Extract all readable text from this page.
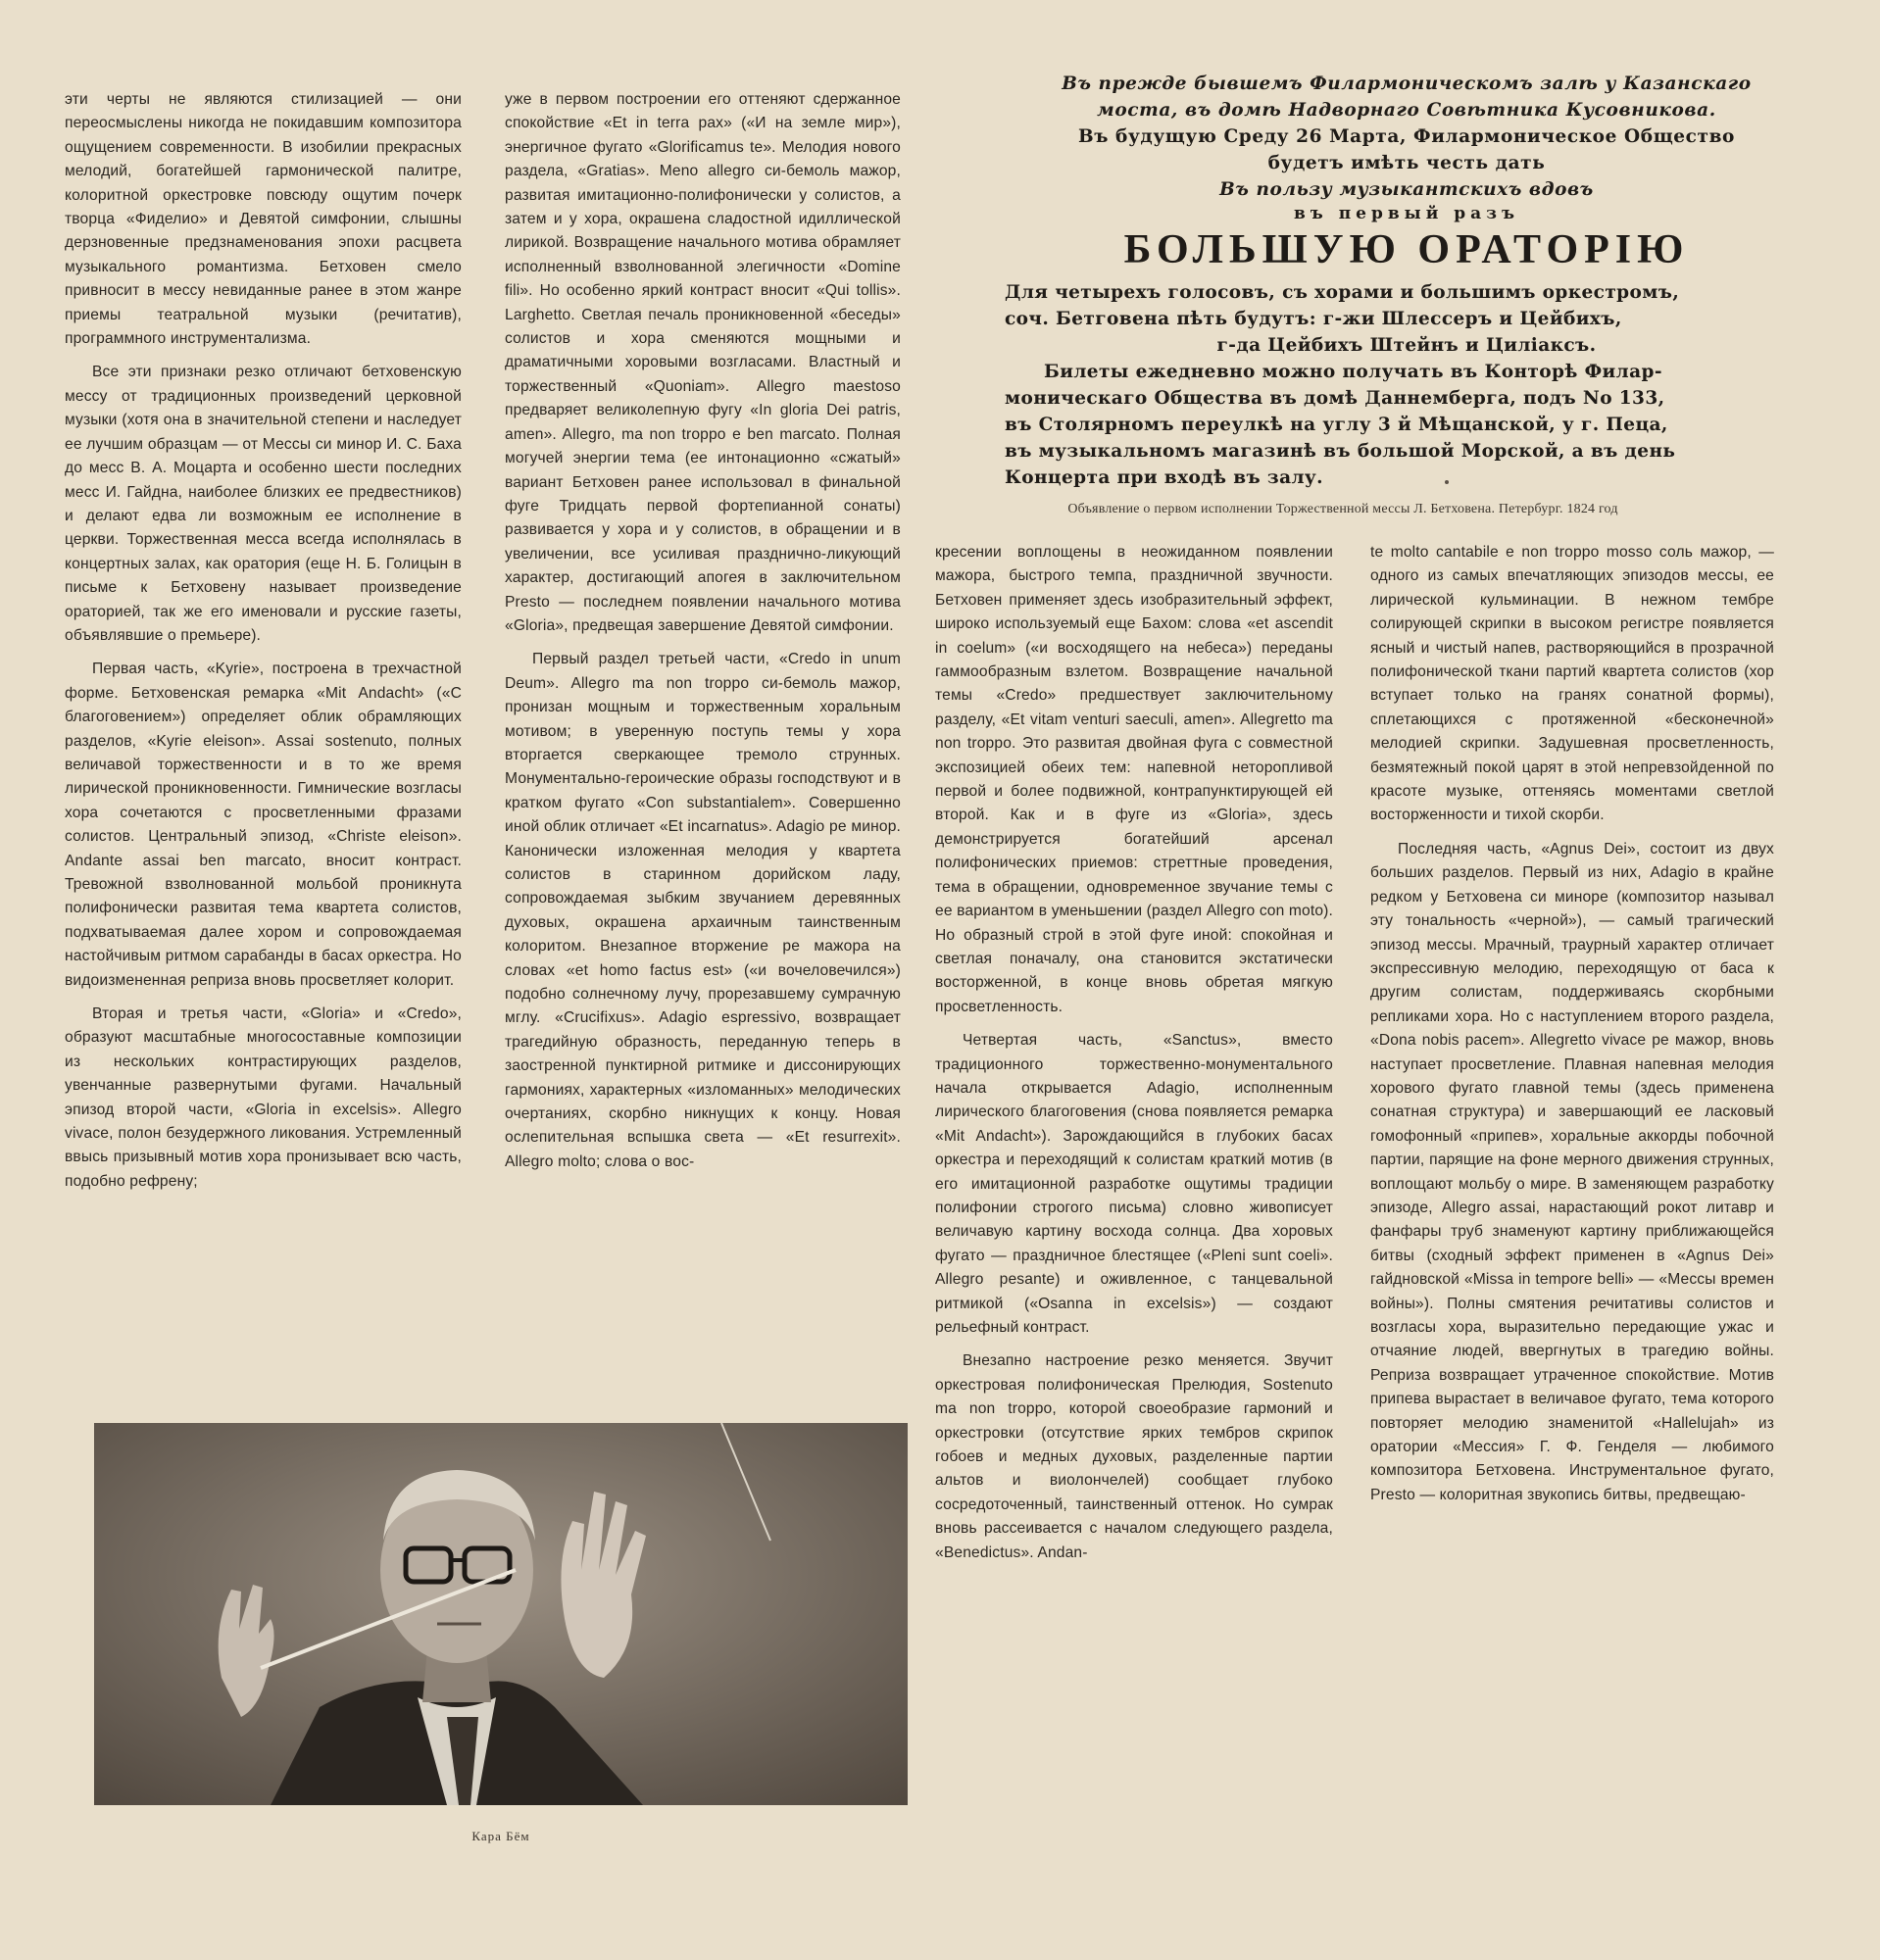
эти черты не являются стилизацией — они переосмыслены никогда не покидавшим композитора ощущением современности. В изобилии прекрасных мелодий, богатейшей гармонической палитре, колоритной оркестровке повсюду ощутим почерк творца «Фиделио» и Девятой симфонии, слышны дерзновенные предзнаменования эпохи расцвета музыкального романтизма. Бетховен смело привносит в мессу невиданные ранее в этом жанре приемы театральной музыки (речитатив), программного инструментализма.

Все эти признаки резко отличают бетховенскую мессу от традиционных произведений церковной музыки (хотя она в значительной степени и наследует ее лучшим образцам — от Мессы си минор И. С. Баха до месс В. А. Моцарта и особенно шести последних месс И. Гайдна, наиболее близких ее предвестников) и делают едва ли возможным ее исполнение в церкви. Торжественная месса всегда исполнялась в концертных залах, как оратория (еще Н. Б. Голицын в письме к Бетховену называет произведение ораторией, так же его именовали и русские газеты, объявлявшие о премьере).

Первая часть, «Kyrie», построена в трехчастной форме. Бетховенская ремарка «Mit Andacht» («С благоговением») определяет облик обрамляющих разделов, «Kyrie eleison». Assai sostenuto, полных величавой торжественности и в то же время лирической проникновенности. Гимнические возгласы хора сочетаются с просветленными фразами солистов. Центральный эпизод, «Christe eleison». Andante assai ben marcato, вносит контраст. Тревожной взволнованной мольбой проникнута полифонически развитая тема квартета солистов, подхватываемая далее хором и сопровождаемая настойчивым ритмом сарабанды в басах оркестра. Но видоизмененная реприза вновь просветляет колорит.

Вторая и третья части, «Gloria» и «Credo», образуют масштабные многосоставные композиции из нескольких контрастирующих разделов, увенчанные развернутыми фугами. Начальный эпизод второй части, «Gloria in excelsis». Allegro vivace, полон безудержного ликования. Устремленный ввысь призывный мотив хора пронизывает всю часть, подобно рефрену;

уже в первом построении его оттеняют сдержанное спокойствие «Et in terra pax» («И на земле мир»), энергичное фугато «Glorificamus te». Мелодия нового раздела, «Gratias». Meno allegro си-бемоль мажор, развитая имитационно-полифонически у солистов, а затем и у хора, окрашена сладостной идиллической лирикой. Возвращение начального мотива обрамляет исполненный взволнованной элегичности «Domine fili». Но особенно яркий контраст вносит «Qui tollis». Larghetto. Светлая печаль проникновенной «беседы» солистов и хора сменяются мощными и драматичными хоровыми возгласами. Властный и торжественный «Quoniam». Allegro maestoso предваряет великолепную фугу «In gloria Dei patris, amen». Allegro, ma non troppo e ben marcato. Полная могучей энергии тема (ее интонационно «сжатый» вариант Бетховен ранее использовал в финальной фуге Тридцать первой фортепианной сонаты) развивается у хора и у солистов, в обращении и в увеличении, все усиливая празднично-ликующий характер, достигающий апогея в заключительном Presto — последнем появлении начального мотива «Gloria», предвещая завершение Девятой симфонии.

Первый раздел третьей части, «Credo in unum Deum». Allegro ma non troppo си-бемоль мажор, пронизан мощным и торжественным хоральным мотивом; в уверенную поступь темы у хора вторгается сверкающее тремоло струнных. Монументально-героические образы господствуют и в кратком фугато «Con substantialem». Совершенно иной облик отличает «Et incarnatus». Adagio ре минор. Канонически изложенная мелодия у квартета солистов в старинном дорийском ладу, сопровождаемая зыбким звучанием деревянных духовых, окрашена архаичным таинственным колоритом. Внезапное вторжение ре мажора на словах «et homo factus est» («и вочеловечился») подобно солнечному лучу, прорезавшему сумрачную мглу. «Crucifixus». Adagio espressivo, возвращает трагедийную образность, переданную теперь в заостренной пунктирной ритмике и диссонирующих гармониях, характерных «изломанных» мелодических очертаниях, скорбно никнущих к концу. Новая ослепительная вспышка света — «Et resurrexit». Allegro molto; слова о вос-

Въ прежде бывшемъ Филармоническомъ залѣ у Казанскаго
моста, въ домѣ Надворнаго Совѣтника Кусовникова.
Въ будущую Среду 26 Марта, Филармоническое Общество
будетъ имѣть честь дать
Въ пользу музыкантскихъ вдовъ
въ первый разъ
БОЛЬШУЮ ОРАТОРІЮ
Для четырехъ голосовъ, съ хорами и большимъ оркестромъ,
соч. Бетговена пѣть будутъ: г-жи Шлессеръ и Цейбихъ,
г-да Цейбихъ Штейнъ и Циліаксъ.
Билеты ежедневно можно получать въ Конторѣ Филар-
моническаго Общества въ домѣ Даннемберга, подъ No 133,
въ Столярномъ переулкѣ на углу 3 й Мѣщанской, у г. Пеца,
въ музыкальномъ магазинѣ въ большой Морской, а въ день
Концерта при входѣ въ залу.
Объявление о первом исполнении Торжественной мессы Л. Бетховена. Петербург. 1824 год

кресении воплощены в неожиданном появлении мажора, быстрого темпа, праздничной звучности. Бетховен применяет здесь изобразительный эффект, широко используемый еще Бахом: слова «et ascendit in coelum» («и восходящего на небеса») переданы гаммообразным взлетом. Возвращение начальной темы «Credo» предшествует заключительному разделу, «Et vitam venturi saeculi, amen». Allegretto ma non troppo. Это развитая двойная фуга с совместной экспозицией обеих тем: напевной неторопливой первой и более подвижной, контрапунктирующей ей второй. Как и в фуге из «Gloria», здесь демонстрируется богатейший арсенал полифонических приемов: стреттные проведения, тема в обращении, одновременное звучание темы с ее вариантом в уменьшении (раздел Allegro con moto). Но образный строй в этой фуге иной: спокойная и светлая поначалу, она становится экстатически восторженной, в конце вновь обретая мягкую просветленность.

Четвертая часть, «Sanctus», вместо традиционного торжественно-монументального начала открывается Adagio, исполненным лирического благоговения (снова появляется ремарка «Mit Andacht»). Зарождающийся в глубоких басах оркестра и переходящий к солистам краткий мотив (в его имитационной разработке ощутимы традиции полифонии строгого письма) словно живописует величавую картину восхода солнца. Два хоровых фугато — праздничное блестящее («Pleni sunt coeli». Allegro pesante) и оживленное, с танцевальной ритмикой («Osanna in excelsis») — создают рельефный контраст.

Внезапно настроение резко меняется. Звучит оркестровая полифоническая Прелюдия, Sostenuto ma non troppo, которой своеобразие гармоний и оркестровки (отсутствие ярких тембров скрипок гобоев и медных духовых, разделенные партии альтов и виолончелей) сообщает глубоко сосредоточенный, таинственный оттенок. Но сумрак вновь рассеивается с началом следующего раздела, «Benedictus». Andan-

te molto cantabile e non troppo mosso соль мажор, — одного из самых впечатляющих эпизодов мессы, ее лирической кульминации. В нежном тембре солирующей скрипки в высоком регистре появляется ясный и чистый напев, растворяющийся в прозрачной полифонической ткани партий квартета солистов (хор вступает только на гранях сонатной формы), сплетающихся с протяженной «бесконечной» мелодией скрипки. Задушевная просветленность, безмятежный покой царят в этой непревзойденной по красоте музыке, оттеняясь моментами светлой восторженности и тихой скорби.

Последняя часть, «Agnus Dei», состоит из двух больших разделов. Первый из них, Adagio в крайне редком у Бетховена си миноре (композитор называл эту тональность «черной»), — самый трагический эпизод мессы. Мрачный, траурный характер отличает экспрессивную мелодию, переходящую от баса к другим солистам, поддерживаясь скорбными репликами хора. Но с наступлением второго раздела, «Dona nobis pacem». Allegretto vivace ре мажор, вновь наступает просветление. Плавная напевная мелодия хорового фугато главной темы (здесь применена сонатная структура) и завершающий ее ласковый гомофонный «припев», хоральные аккорды побочной партии, парящие на фоне мерного движения струнных, воплощают мольбу о мире. В заменяющем разработку эпизоде, Allegro assai, нарастающий рокот литавр и фанфары труб знаменуют картину приближающейся битвы (сходный эффект применен в «Agnus Dei» гайдновской «Missa in tempore belli» — «Мессы времен войны»). Полны смятения речитативы солистов и возгласы хора, выразительно передающие ужас и отчаяние людей, ввергнутых в трагедию войны. Реприза возвращает утраченное спокойствие. Мотив припева вырастает в величавое фугато, тема которого повторяет мелодию знаменитой «Hallelujah» из оратории «Мессия» Г. Ф. Генделя — любимого композитора Бетховена. Инструментальное фугато, Presto — колоритная звукопись битвы, предвещаю-

Кара Бём
